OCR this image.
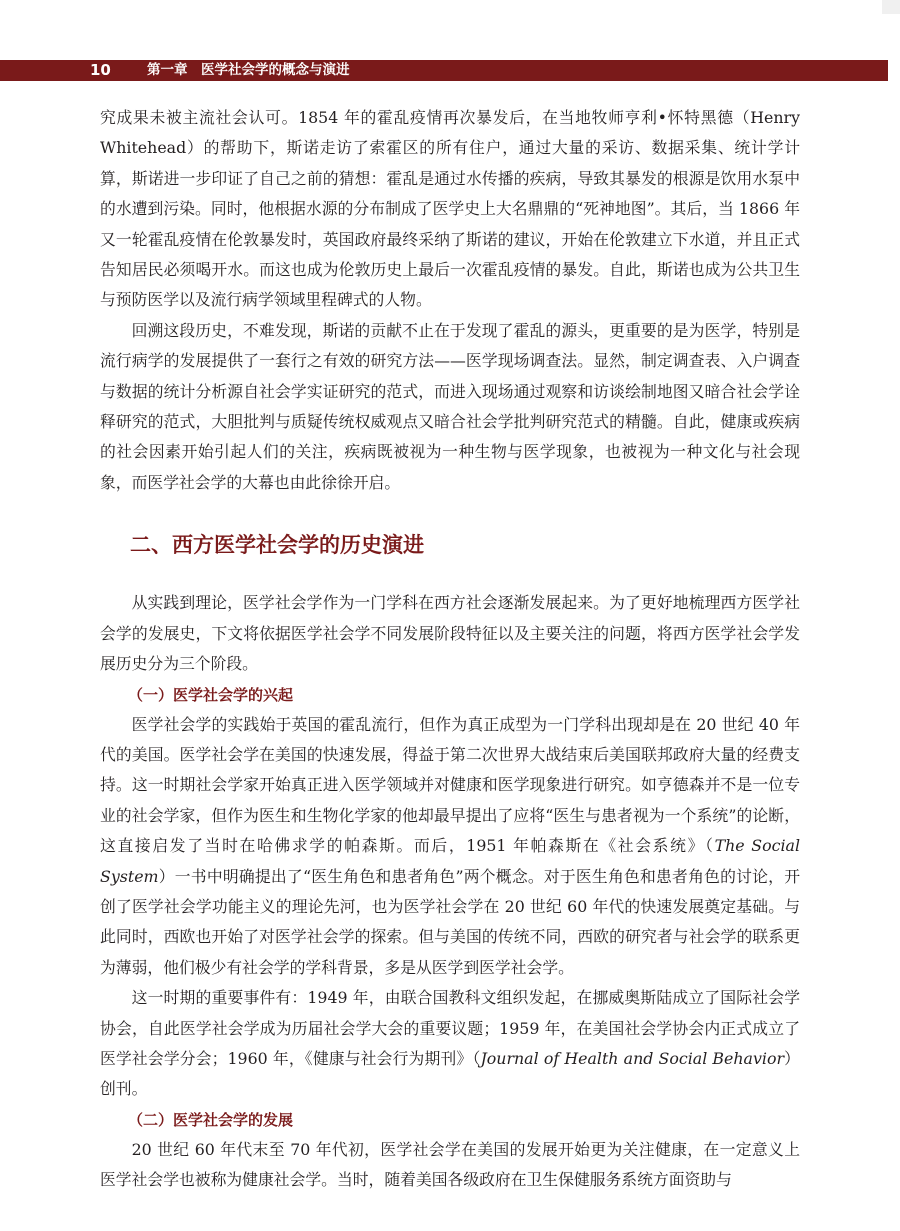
10	第一章　医学社会学的概念与演进

究成果未被主流社会认可。1854 年的霍乱疫情再次暴发后，在当地牧师亨利•怀特黑德（Henry Whitehead）的帮助下，斯诺走访了索霍区的所有住户，通过大量的采访、数据采集、统计学计算，斯诺进一步印证了自己之前的猜想：霍乱是通过水传播的疾病，导致其暴发的根源是饮用水泵中的水遭到污染。同时，他根据水源的分布制成了医学史上大名鼎鼎的“死神地图”。其后，当 1866 年又一轮霍乱疫情在伦敦暴发时，英国政府最终采纳了斯诺的建议，开始在伦敦建立下水道，并且正式告知居民必须喝开水。而这也成为伦敦历史上最后一次霍乱疫情的暴发。自此，斯诺也成为公共卫生与预防医学以及流行病学领域里程碑式的人物。

回溯这段历史，不难发现，斯诺的贡献不止在于发现了霍乱的源头，更重要的是为医学，特别是流行病学的发展提供了一套行之有效的研究方法——医学现场调查法。显然，制定调查表、入户调查与数据的统计分析源自社会学实证研究的范式，而进入现场通过观察和访谈绘制地图又暗合社会学诠释研究的范式，大胆批判与质疑传统权威观点又暗合社会学批判研究范式的精髓。自此，健康或疾病的社会因素开始引起人们的关注，疾病既被视为一种生物与医学现象，也被视为一种文化与社会现象，而医学社会学的大幕也由此徐徐开启。

二、西方医学社会学的历史演进

从实践到理论，医学社会学作为一门学科在西方社会逐渐发展起来。为了更好地梳理西方医学社会学的发展史，下文将依据医学社会学不同发展阶段特征以及主要关注的问题，将西方医学社会学发展历史分为三个阶段。

（一）医学社会学的兴起

医学社会学的实践始于英国的霍乱流行，但作为真正成型为一门学科出现却是在 20 世纪 40 年代的美国。医学社会学在美国的快速发展，得益于第二次世界大战结束后美国联邦政府大量的经费支持。这一时期社会学家开始真正进入医学领域并对健康和医学现象进行研究。如亨德森并不是一位专业的社会学家，但作为医生和生物化学家的他却最早提出了应将“医生与患者视为一个系统”的论断，这直接启发了当时在哈佛求学的帕森斯。而后，1951 年帕森斯在《社会系统》（The Social System）一书中明确提出了“医生角色和患者角色”两个概念。对于医生角色和患者角色的讨论，开创了医学社会学功能主义的理论先河，也为医学社会学在 20 世纪 60 年代的快速发展奠定基础。与此同时，西欧也开始了对医学社会学的探索。但与美国的传统不同，西欧的研究者与社会学的联系更为薄弱，他们极少有社会学的学科背景，多是从医学到医学社会学。

这一时期的重要事件有：1949 年，由联合国教科文组织发起，在挪威奥斯陆成立了国际社会学协会，自此医学社会学成为历届社会学大会的重要议题；1959 年，在美国社会学协会内正式成立了医学社会学分会；1960 年，《健康与社会行为期刊》（Journal of Health and Social Behavior）创刊。

（二）医学社会学的发展

20 世纪 60 年代末至 70 年代初，医学社会学在美国的发展开始更为关注健康，在一定意义上医学社会学也被称为健康社会学。当时，随着美国各级政府在卫生保健服务系统方面资助与
